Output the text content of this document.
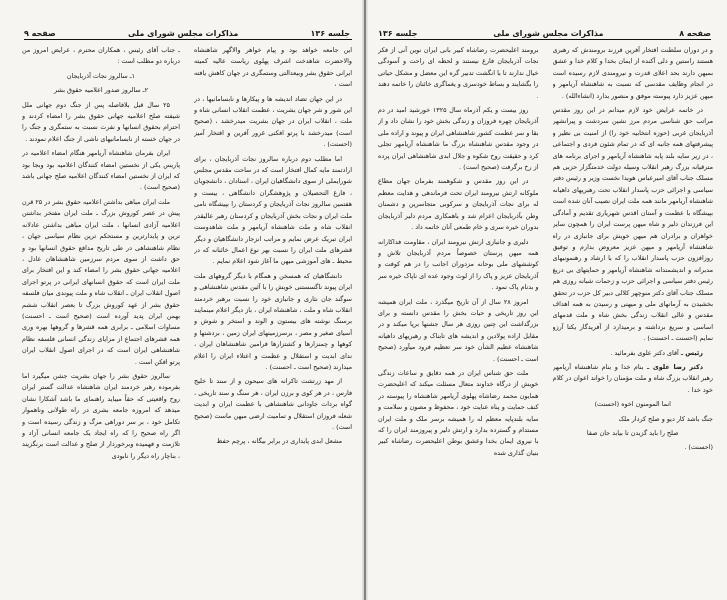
جلسه ۱۳۶
مذاکرات مجلس شورای ملی
صفحه ۹

ـ جناب آقای رئیس ، همکاران محترم ، عرایض امروز من درباره دو مطلب است :

۱ـ سالروز نجات آذربایجان

۲ـ سالروز صدور اعلامیه حقوق بشر

۲۵ سال قبل بلافاصله پس از جنگ دوم جهانی ملل شیفته صلح اعلامیه جهانی حقوق بشر را امضاء کردند و احترام بحقوق انسانها و نفرت نسبت به ستمگری و جنگ را در جهان خسته از نابسامانیهای ناشی از جنگ اعلام نمودند .

ایران بفرمان شاهنشاه آریامهر هنگام امضاء اعلامیه در پاریس یکی از نخستین امضاء کنندگان اعلامیه بود وبجا بود که ایران از نخستین امضاء کنندگان اعلامیه صلح جهانی باشد (صحیح است) .

ملت ایران مباهی بداشتن اعلامیه حقوق بشر در ۲۵ قرن پیش در عصر کوروش بزرگ ـ ملت ایران مفتخر بداشتن اعلامیه آزادی انسانها ، ملت ایران مباهی بداشتن عادلانه ترین و پایدارترین و مستحکم ترین نظام سیاسی جهان ، نظام شاهنشاهی در طی تاریخ مدافع حقوق انسانها بود و حق داشت از سوی مردم سرزمین شاهنشاهان عادل ، اعلامیه جهانی حقوق بشر را امضاء کند و این افتخار برای ملت ایران است که حقوق انسانهای ایرانی در پرتو اجرای اصول انقلاب ایران ـ انقلاب شاه و ملت پیوندی میان فلسفه حقوق بشر از عهد کوروش بزرگ تا بعصر انقلاب ششم بهمن ایران پدید آورده است (صحیح است ـ احسنت) مساوات اسلامی ـ برابری همه قشرها و گروهها بهره وری همه قشرهای اجتماع از مزایای زندگی انسانی فلسفه نظام شاهنشاهی ایران است که در اجرای اصول انقلاب ایران پرتو افکن است .

سالروز حقوق بشر را جهان بشریت جشن میگیرد اما بفرموده رهبر خردمند ایران شاهنشاه عدالت گستر ایران روح واقعیتی که حقاً میباید راهنمای ما باشد آشکارا نشان میدهد که امروزه جامعه بشری در راه طولانی وناهموار تکامل خود ، بر سر دوراهی مرگ و زندگی رسیده است و اگر راه صحیح را که راه ایجاد یک جامعه انسانی آزاد و تلازمت و فهمیده وبرخوردار از صلح و عدالت است برنگزیند ، بناچار راه دیگر را نابودی

این جامعه خواهد بود و پیام خواهر والاگهر شاهنشاه والاحضرت شاهدخت اشرف پهلوی ریاست عالیه کمیته ایرانی حقوق بشر وبیعدالتی وستمگری در جهان کاهش یافته است ،

در این جهان تضاد اندیشه ها و پیکارها و نابسامانیها ، در این شور و شر جهان بشریت ، عظمت انقلاب انسانی شاه و ملت ، انقلاب ایران در جهان بشریت میدرخشد ، (صحیح است) میدرخشد با پرتو افکنی غرور آفرین و افتخار آمیز (احسنت) .

اما مطلب دوم درباره سالروز نجات آذربایجان ، برای ارادتمند مایه کمال افتخار است که در ساحت مقدس مجلس شورایملی از سوی دانشگاهیان ایران ، استادان ، دانشجویان ، فارغ التحصیلان و پژوهشگران دانشگاهی ، بیست و هفتمین سالروز نجات آذربایجان و کردستان را بپیشگاه نامی ملت ایران و نجات بخش آذربایجان و کردستان رهبر عالیقدر انقلاب شاه و ملت شاهنشاه آریامهر و ملت شاهدوست ایران تبریک عرض نمایم و مراتب انزجار دانشگاهیان و دیگر قشرهای ملت ایران را نسبت بهر نوع اعمال خائنانه که در محیط ـ های آموزشی میهن ما آغاز شود اعلام نمایم .

دانشگاهیان که همسخن و همگام با دیگر گروههای ملت ایران پیوند ناگسستنی خویش را با آئین مقدس شاهنشاهی و سوگند جان نثاری و جانبازی خود را نسبت برهبر خردمند انقلاب شاه و ملت ، شاهنشاه ایران ، باز دیگر اعلام مینمایند برسنگ نوشته های بیستون و الوند و استخر و شوش و آسیای صغیر و مصر ، برسرزمینهای ایران زمین ، بردشتها و کوهها و چمنزارها و کشتزارها فرامین شاهنشاهان ایران ، ندای ابدیت و استقلال و عظمت و اعتلاء ایران را اعلام میدارند (صحیح است ـ احسنت) .

از مهد زرتشت تاکرانه های سیحون و از سند تا خلیج فارس ، در هر کوی و برزن ایران ، هر سنگ و سند تاریخی ، گواه بردات جاودانی شاهنشاهی با عظمت ایران و ابدیت شعله فروزان استقلال و تمامیت ارضی میهن ماست (صحیح است) .

مشعل ابدی پایداری در برابر بیگانه ، پرچم حفظ

صفحه ۸
مذاکرات مجلس شورای ملی
جلسه ۱۳۶

برومند اعلیحضرت رضاشاه کبیر بانی ایران نوین آنی از فکر نجات آذربایجان فارغ نیستند و لحظه ای راحت و آسودگی خیال ندارند تا با انگشت تدبیر گره این معضل و مشکل حیاتی را بگشایند و بساط خودسری و یغماگری خائنان را خاتمه دهند .

روز بیست و یکم آذرماه سال ۱۳۲۵ خورشید امید در دم آذربایجان چهره فروزان و زندگی بخش خود را نشان داد و از بقا و سر عظمت کشور شاهنشاهی ایران و پیوند و اراده ملی در وجود مقدس شاهنشاه بزرگ ما شاهنشاه آریامهر تجلی کرد و حقیقت روح شکوه و جلال ابدی شاهنشاهی ایران پرده از رخ برگرفت (صحیح است) .

در این روز مقدس و شکوهمند بفرمان جهان مطاع ملوکانه ارتش نیرومند ایران تحت فرماندهی و هدایت معظم له برای نجات آذربایجان و سرکوبی متجاسرین و دشمنان وطن بآذربایجان اعزام شد و باهمکاری مردم دلیر آذربایجان بدوران خیره سری و خام طمعی آنان خاتمه داد .

دلیری و جانبازی ارتش نیرومند ایران ، مقاومت فداکارانه همه میهن پرستان خصوصاً مردم آذربایجان تلاش و کوششهای ملی بوحانه مزدوران اجانب را در هم کوفت و آذربایجان عزیز و پاک را از لوث وجود عده ای ناپاک خیره سر و بدنام پاک نمود .

امروز ۲۸ سال از آن تاریخ میگذرد ، ملت ایران همیشه این روز تاریخی و حیات بخش را مقدس دانسته و برای بزرگداشت این چنین روزی هر سال جشنها برپا میکند و در مقابل اراده پولادین و اندیشه های تابناک و رهبریهای داهیانه شاهنشاه عظیم الشأن خود سر تعظیم فرود میآورد (صحیح است ـ احسنت) .

ملت حق شناس ایران در همه دقایق و ساعات زندگی خویش از درگاه خداوند متعال مسئلت میکند که اعلیحضرت همایون محمد رضاشاه پهلوی آریامهر شاهنشاه را پیوسته در کنف حمایت و پناه عنایت خود ، محفوظ و مصون و سلامت و سایه بلندپایه معظم له را همیشه برسر ملک و ملت ایران مستدام و گسترده بدارد و ارتش دلیر و پیروزمند ایران را که با نیروی ایمان بخدا وعشق بوطن اعلیحضرت رضاشاه کبیر بنیان گذاری شده

و در دوران سلطنت افتخار آفرین فرزند برومندش که رهبری هستند راستین و دلی آکنده از ایمان بخدا و کلام خدا و عشق بمیهن دارند بحد اعلای قدرت و نیرومندی لازم رسیده است در انجام وظایف مقدسی که نسبت به شاهنشاه آریامهر و میهن عزیز دارد پیوسته موفق و منصور بدارد (انشاءالله) .

در خاتمه عرایض خود لازم میدانم در این روز مقدس مراتب حق شناسی مردم مرز نشین سردشت و پیرانشهر آذربایجان غربی (حوزه انتخابیه خود را) از امنیت بی نظیر و پیشرفتهای همه جانبه ای که در تمام شئون فردی و اجتماعی ، در زیر سایه بلند پایه شاهنشاه آریامهر و اجرای برنامه های مترقیانه بزرگ رهبر انقلاب وسیله دولت خدمتگزار حزبی هم مسلک جناب آقای امیرعباس هویدا نخست وزیر و رئیس دفتر سیاسی و اجرائی حزب پاسدار انقلاب تحت رهبریهای داهیانه شاهنشاه آریامهر مانند همه ملت ایران نصیب آنان شده است بپیشگاه با عظمت و آستان اقدس شهریاری تقدیم و آمادگی این فرزندان دلیر و شاه میهن پرست ایران را همچون سایر خواهران و برادران هم میهن خویش برای جانبازی در راه شاهنشاه آریامهر و میهن عزیز معروض بدارم و توفیق روزافزون حزب پاسدار انقلاب را که با ارشاد و رهنمونیهای مدبرانه و اندیشمندانه شاهنشاه آریامهر و حمایتهای بی دریغ رئیس دفتر سیاسی و اجرائی حزب و زحمات شبانه روزی هم مسلک جناب آقای دکتر منوچهر کلالی دبیر کل حزب در تحقق بخشیدن به آرمانهای ملی و میهنی و رسیدن به همه اهداف مقدس و عالی انقلاب زندگی بخش شاه و ملت قدمهای اساسی و سریع برداشته و برمیدارد از آفریدگار یکتا آرزو نمایم (احسنت ـ احسنت) .

رئیس ـ آقای دکتر علوی بفرمائید .

دکتر رضا علوی ـ بنام خدا و بنام شاهنشاه آریامهر رهبر انقلاب بزرگ شاه و ملت مؤمنان را خواند اعوان در کلام خود خدا .

انما المومنون اخوه (احسنت)

جنگ باشد کار دیو و صلح کردار ملک

صلح را باید گزیدن تا بیابد جان صفا

(احسنت) .
